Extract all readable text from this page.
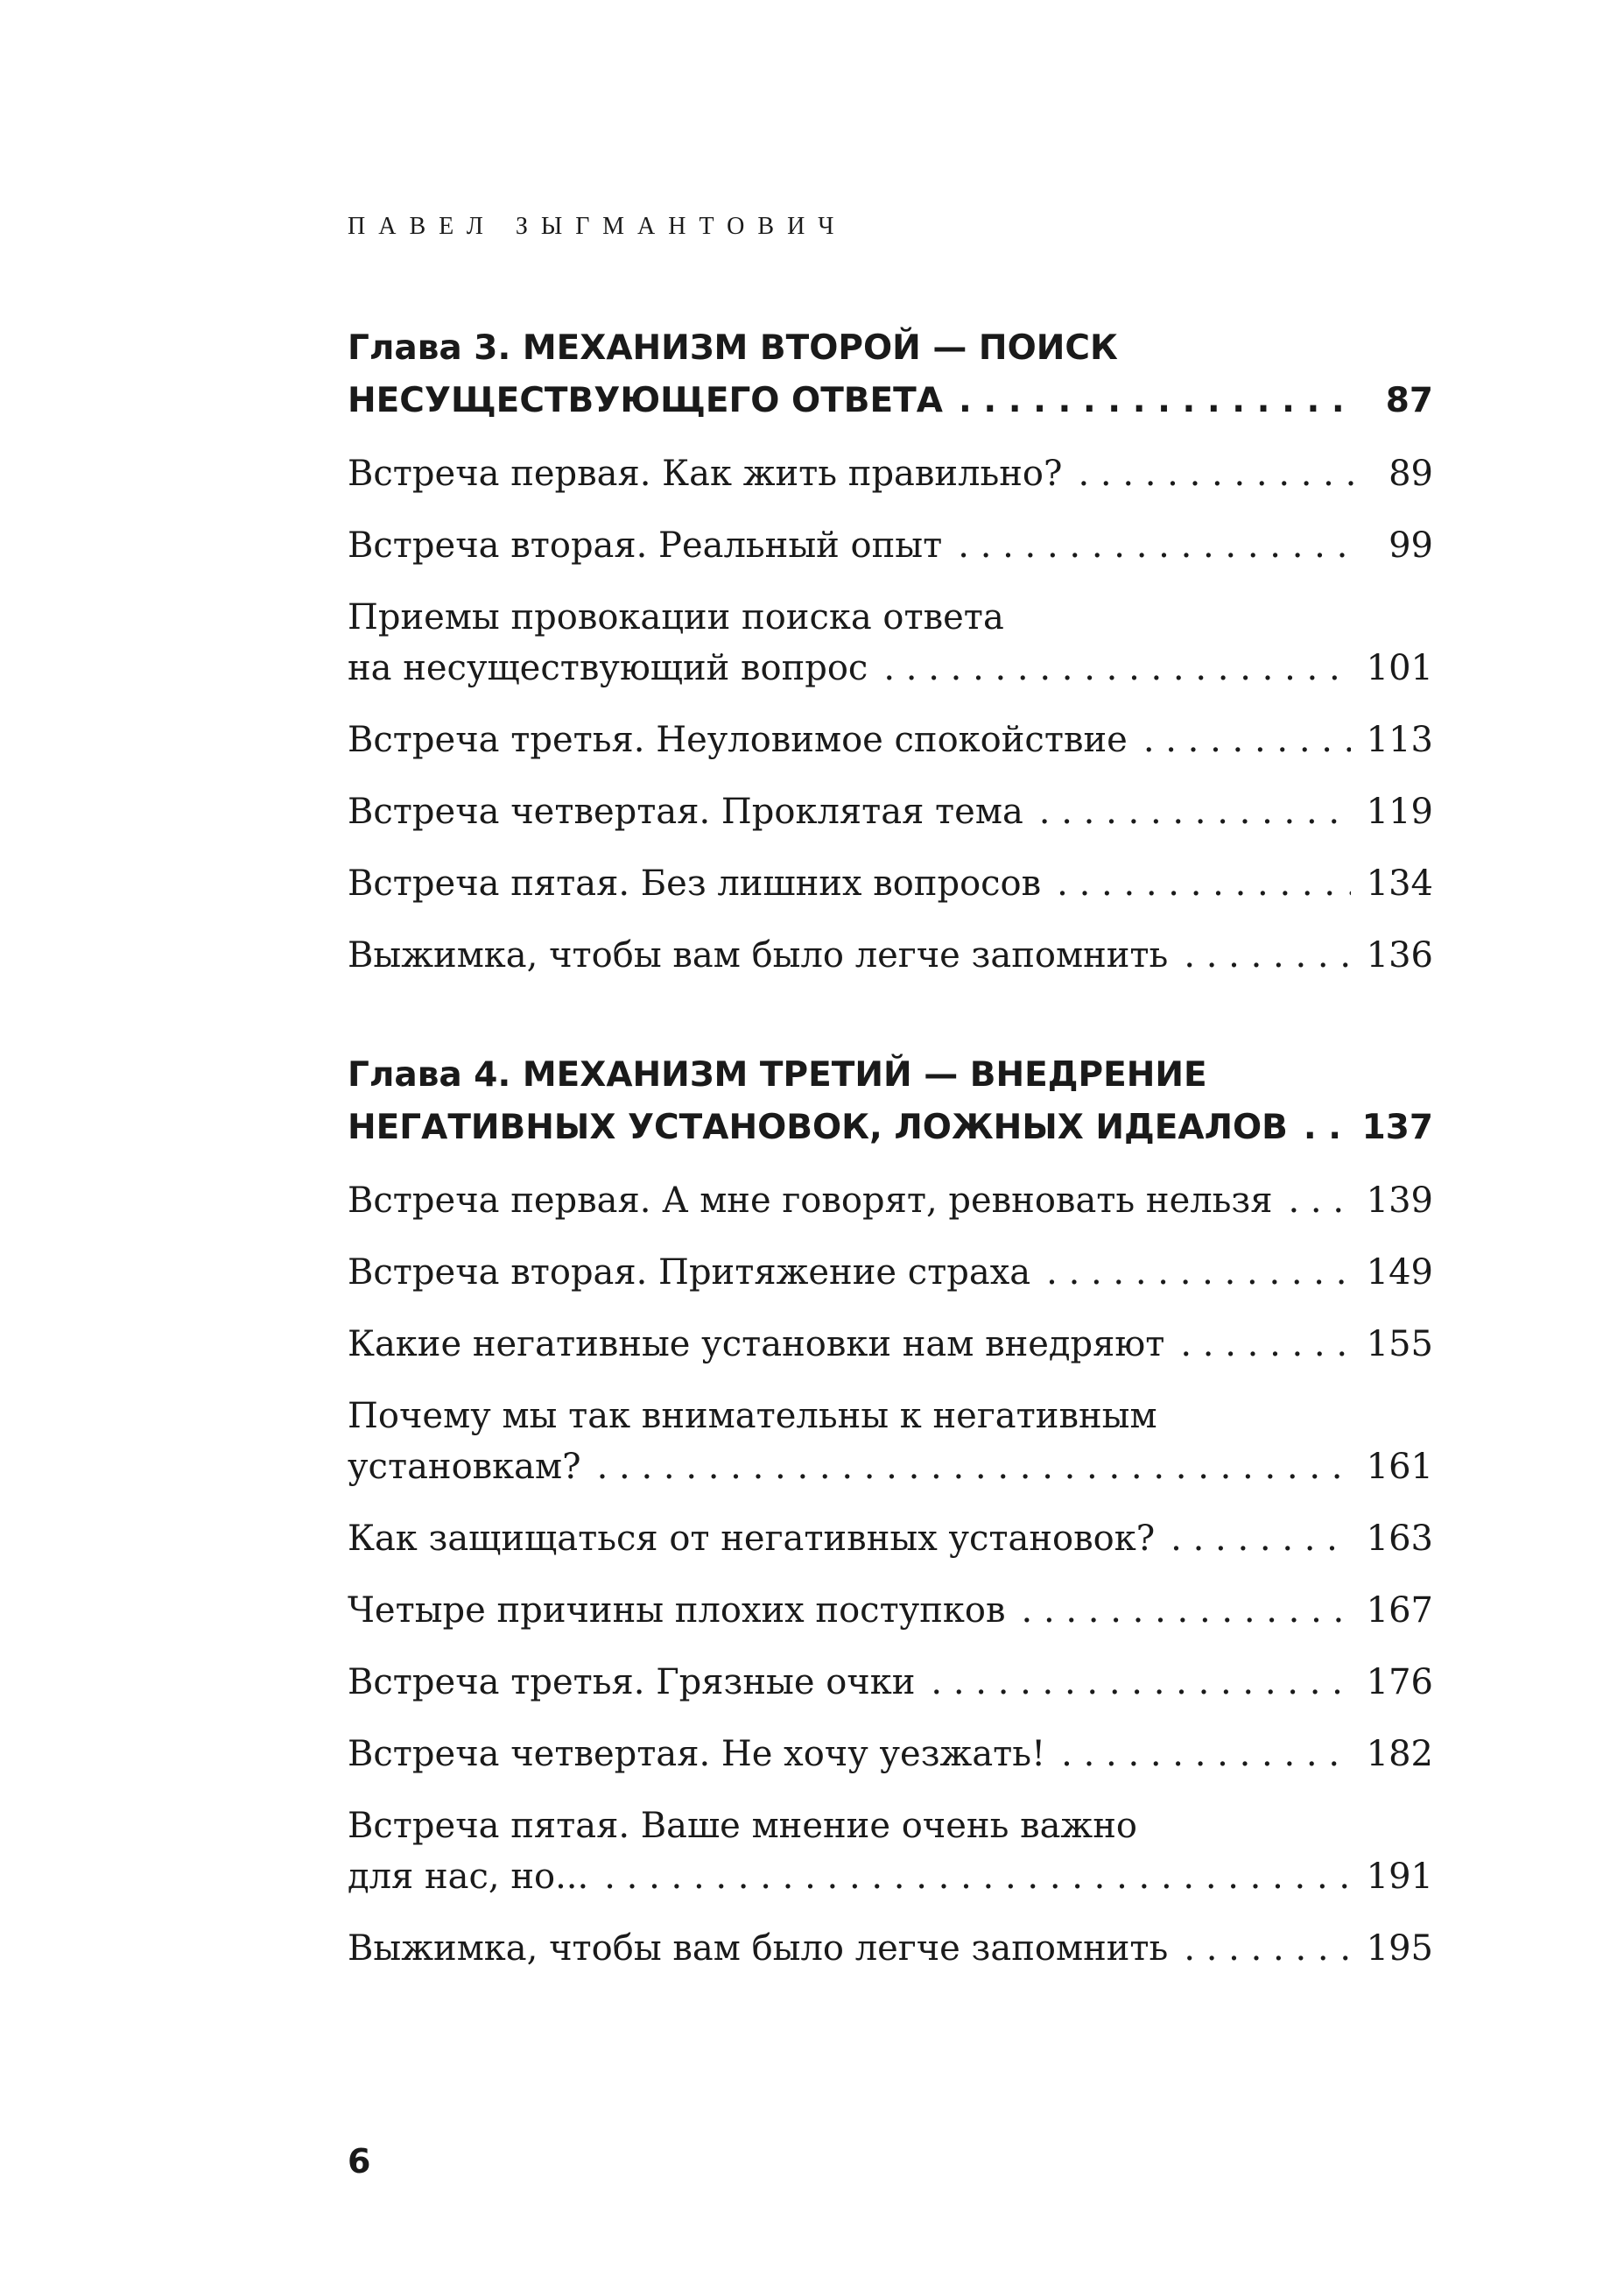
ПАВЕЛ ЗЫГМАНТОВИЧ
Глава 3. МЕХАНИЗМ ВТОРОЙ — ПОИСК
НЕСУЩЕСТВУЮЩЕГО ОТВЕТА . . .	87
Встреча первая. Как жить правильно? . . .	89
Встреча вторая. Реальный опыт . . .	99
Приемы провокации поиска ответа
на несуществующий вопрос . . .	101
Встреча третья. Неуловимое спокойствие . . .	113
Встреча четвертая. Проклятая тема . . .	119
Встреча пятая. Без лишних вопросов . . .	134
Выжимка, чтобы вам было легче запомнить . . .	136
Глава 4. МЕХАНИЗМ ТРЕТИЙ — ВНЕДРЕНИЕ
НЕГАТИВНЫХ УСТАНОВОК, ЛОЖНЫХ ИДЕАЛОВ . . . 137
Встреча первая. А мне говорят, ревновать нельзя . . .	139
Встреча вторая. Притяжение страха . . .	149
Какие негативные установки нам внедряют . . .	155
Почему мы так внимательны к негативным
установкам? . . .	161
Как защищаться от негативных установок? . . .	163
Четыре причины плохих поступков . . .	167
Встреча третья. Грязные очки . . .	176
Встреча четвертая. Не хочу уезжать! . . .	182
Встреча пятая. Ваше мнение очень важно
для нас, но... . . .	191
Выжимка, чтобы вам было легче запомнить . . .	195
6
